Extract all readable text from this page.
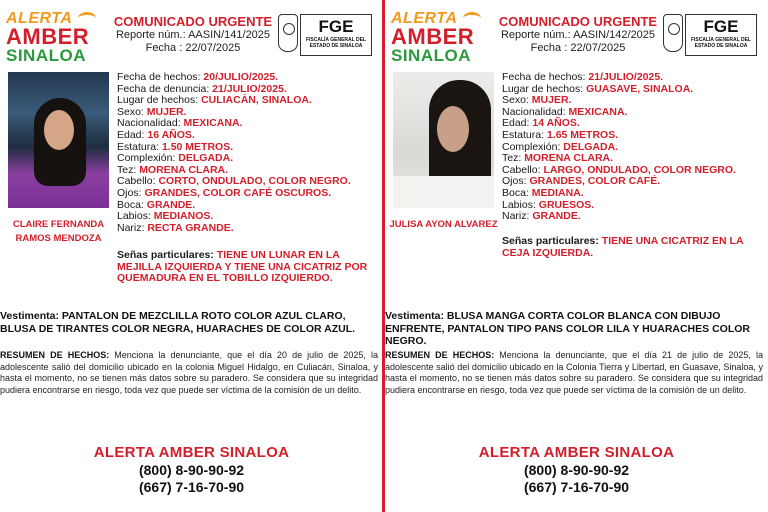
ALERTA
AMBER
SINALOA
COMUNICADO URGENTE
Reporte núm.: AASIN/141/2025
Fecha : 22/07/2025
FGE
FISCALÍA GENERAL DEL
ESTADO DE SINALOA
CLAIRE FERNANDA
RAMOS MENDOZA
Fecha de hechos: 20/JULIO/2025.
Fecha de denuncia: 21/JULIO/2025.
Lugar de hechos: CULIACÁN, SINALOA.
Sexo: MUJER.
Nacionalidad: MEXICANA.
Edad: 16 AÑOS.
Estatura: 1.50 METROS.
Complexión: DELGADA.
Tez: MORENA CLARA.
Cabello: CORTO, ONDULADO, COLOR NEGRO.
Ojos: GRANDES, COLOR CAFÉ OSCUROS.
Boca: GRANDE.
Labios: MEDIANOS.
Nariz: RECTA GRANDE.
Señas particulares: TIENE UN LUNAR EN LA MEJILLA IZQUIERDA Y TIENE UNA CICATRIZ POR QUEMADURA EN EL TOBILLO IZQUIERDO.
Vestimenta: PANTALON DE MEZCLILLA ROTO COLOR AZUL CLARO, BLUSA DE TIRANTES COLOR NEGRA, HUARACHES DE COLOR AZUL.
RESUMEN DE HECHOS: Menciona la denunciante, que el día 20 de julio de 2025, la adolescente salió del domicilio ubicado en la colonia Miguel Hidalgo, en Culiacán, Sinaloa, y hasta el momento, no se tienen más datos sobre su paradero. Se considera que su integridad pudiera encontrarse en riesgo, toda vez que puede ser víctima de la comisión de un delito.
ALERTA AMBER SINALOA
(800) 8-90-90-92
(667) 7-16-70-90
ALERTA
AMBER
SINALOA
COMUNICADO URGENTE
Reporte núm.: AASIN/142/2025
Fecha : 22/07/2025
FGE
FISCALÍA GENERAL DEL
ESTADO DE SINALOA
JULISA AYON ALVAREZ
Fecha de hechos: 21/JULIO/2025.
Lugar de hechos: GUASAVE, SINALOA.
Sexo: MUJER.
Nacionalidad: MEXICANA.
Edad: 14 AÑOS.
Estatura: 1.65 METROS.
Complexión: DELGADA.
Tez: MORENA CLARA.
Cabello: LARGO, ONDULADO, COLOR NEGRO.
Ojos: GRANDES, COLOR CAFÉ.
Boca: MEDIANA.
Labios: GRUESOS.
Nariz: GRANDE.
Señas particulares: TIENE UNA CICATRIZ EN LA CEJA IZQUIERDA.
Vestimenta: BLUSA MANGA CORTA COLOR BLANCA CON DIBUJO ENFRENTE, PANTALON TIPO PANS COLOR LILA Y HUARACHES COLOR NEGRO.
RESUMEN DE HECHOS: Menciona la denunciante, que el día 21 de julio de 2025, la adolescente salió del domicilio ubicado en la Colonia Tierra y Libertad, en Guasave, Sinaloa, y hasta el momento, no se tienen más datos sobre su paradero. Se considera que su integridad pudiera encontrarse en riesgo, toda vez que puede ser víctima de la comisión de un delito.
ALERTA AMBER SINALOA
(800) 8-90-90-92
(667) 7-16-70-90
